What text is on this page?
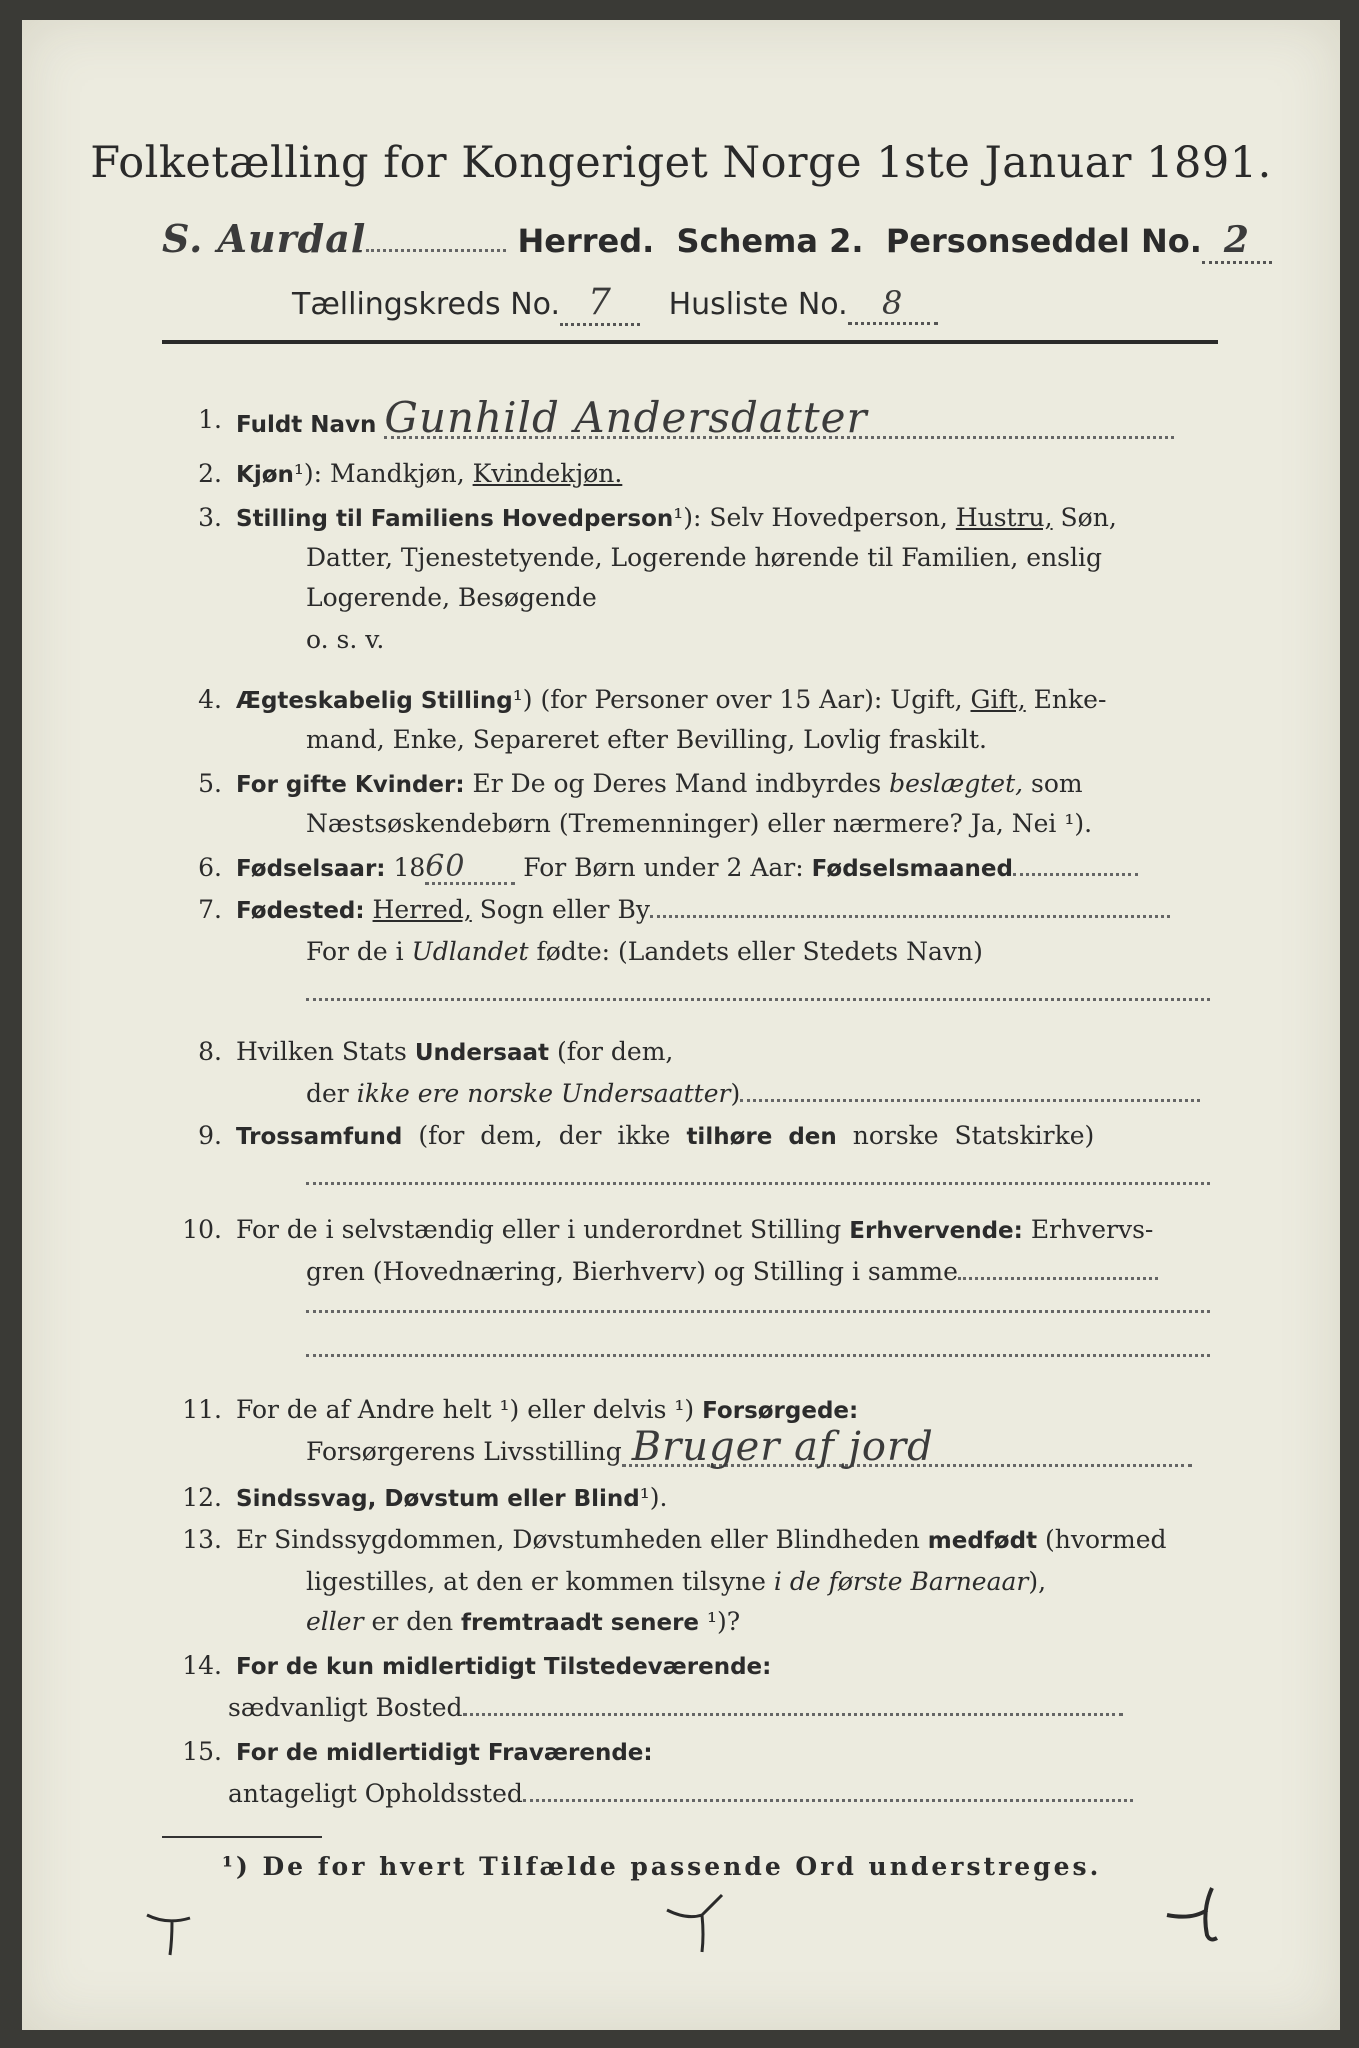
Folketælling for Kongeriget Norge 1ste Januar 1891.
S. Aurdal	Herred. Schema 2. Personseddel No. 2
Tællingskreds No. 7 Husliste No. 8
1. Fuldt Navn Gunhild Andersdatter
2. Kjøn¹): Mandkjøn, Kvindekjøn.
3. Stilling til Familiens Hovedperson¹): Selv Hovedperson, Hustru, Søn,
Datter, Tjenestetyende, Logerende hørende til Familien, enslig
Logerende, Besøgende
o. s. v.
4. Ægteskabelig Stilling¹) (for Personer over 15 Aar): Ugift, Gift, Enke-
mand, Enke, Separeret efter Bevilling, Lovlig fraskilt.
5. For gifte Kvinder: Er De og Deres Mand indbyrdes beslægtet, som
Næstsøskendebørn (Tremenninger) eller nærmere? Ja, Nei ¹).
6. Fødselsaar: 1860 For Børn under 2 Aar: Fødselsmaaned
7. Fødested: Herred, Sogn eller By
For de i Udlandet fødte: (Landets eller Stedets Navn)
8. Hvilken Stats Undersaat (for dem,
der ikke ere norske Undersaatter)
9. Trossamfund (for dem, der ikke tilhøre den norske Statskirke)
10. For de i selvstændig eller i underordnet Stilling Erhvervende: Erhvervs-
gren (Hovednæring, Bierhverv) og Stilling i samme
11. For de af Andre helt ¹) eller delvis ¹) Forsørgede:
Forsørgerens Livsstilling Bruger af jord
12. Sindssvag, Døvstum eller Blind¹).
13. Er Sindssygdommen, Døvstumheden eller Blindheden medfødt (hvormed
ligestilles, at den er kommen tilsyne i de første Barneaar),
eller er den fremtraadt senere ¹)?
14. For de kun midlertidigt Tilstedeværende:
sædvanligt Bosted
15. For de midlertidigt Fraværende:
antageligt Opholdssted
¹) De for hvert Tilfælde passende Ord understreges.
